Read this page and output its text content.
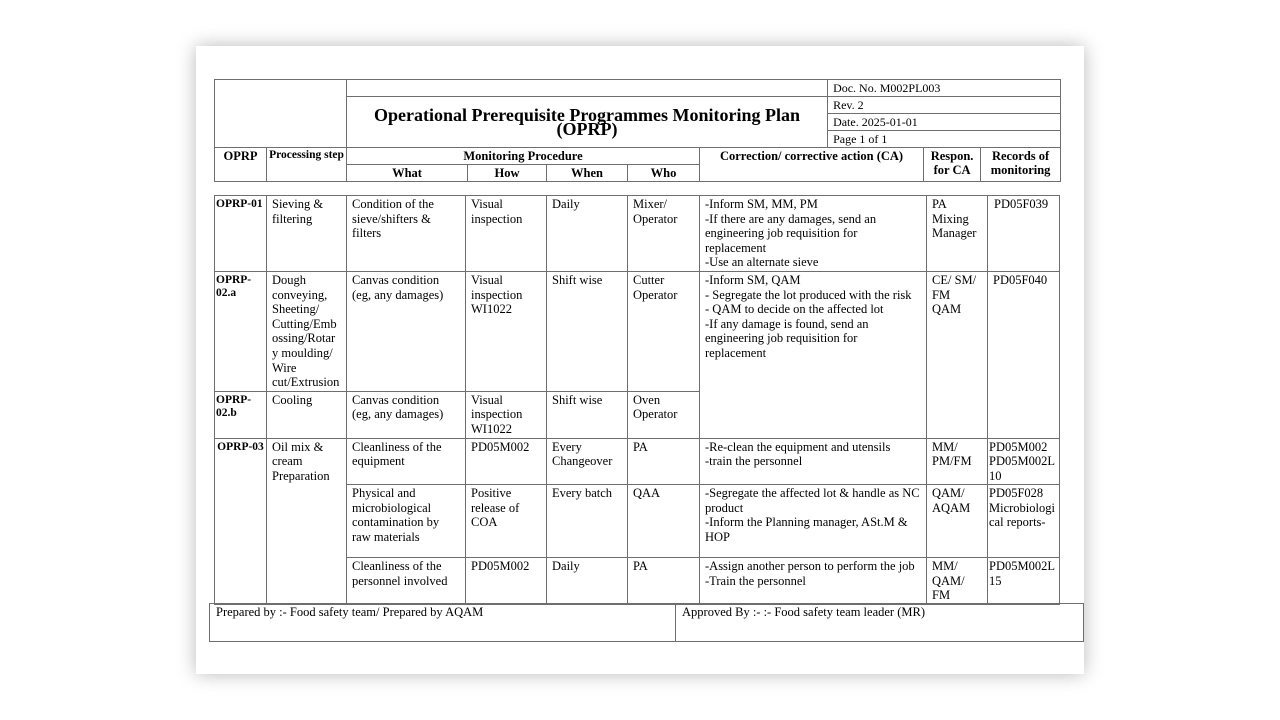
							Doc. No. M002PL003		
		Operational Prerequisite Programmes Monitoring Plan (OPRP)					Rev. 2		
							Date. 2025-01-01		
							Page 1 of 1		
OPRP	Processing step	Monitoring Procedure				Correction/ corrective action (CA)		Respon. for CA	Records of monitoring
		What	How	When	Who				
OPRP-01	Sieving & filtering	Condition of the sieve/shifters & filters	Visual inspection	Daily	Mixer/ Operator	-Inform SM, MM, PM
-If there are any damages, send an engineering job requisition for replacement
-Use an alternate sieve	PA Mixing Manager	PD05F039
OPRP-02.a	Dough conveying, Sheeting/ Cutting/Emb ossing/Rotar y moulding/ Wire cut/Extrusion	Canvas condition (eg, any damages)	Visual inspection WI1022	Shift wise	Cutter Operator	-Inform SM, QAM
- Segregate the lot produced with the risk
- QAM to decide on the affected lot
-If any damage is found, send an engineering job requisition for replacement	CE/ SM/ FM QAM	PD05F040
OPRP-02.b	Cooling	Canvas condition (eg, any damages)	Visual inspection WI1022	Shift wise	Oven Operator			
OPRP-03	Oil mix & cream Preparation	Cleanliness of the equipment	PD05M002	Every Changeover	PA	-Re-clean the equipment and utensils
-train the personnel	MM/ PM/FM	PD05M002 PD05M002L10
		Physical and microbiological contamination by raw materials	Positive release of COA	Every batch	QAA	-Segregate the affected lot & handle as NC product
-Inform the Planning manager, ASt.M & HOP	QAM/ AQAM	PD05F028 Microbiological reports-
		Cleanliness of the personnel involved	PD05M002	Daily	PA	-Assign another person to perform the job
-Train the personnel	MM/ QAM/ FM	PD05M002L15
Prepared by :- Food safety team/ Prepared by AQAM	Approved By :- :- Food safety team leader (MR)
